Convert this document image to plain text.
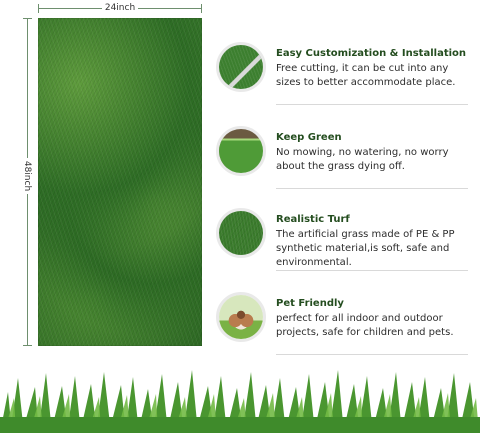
24inch
48inch
Easy Customization & Installation
Free cutting, it can be cut into any sizes to better accommodate place.
Keep Green
No mowing, no watering, no worry about the grass dying off.
Realistic Turf
The artificial grass made of PE & PP synthetic material,is soft, safe and environmental.
Pet Friendly
perfect for all indoor and outdoor projects, safe for children and pets.
